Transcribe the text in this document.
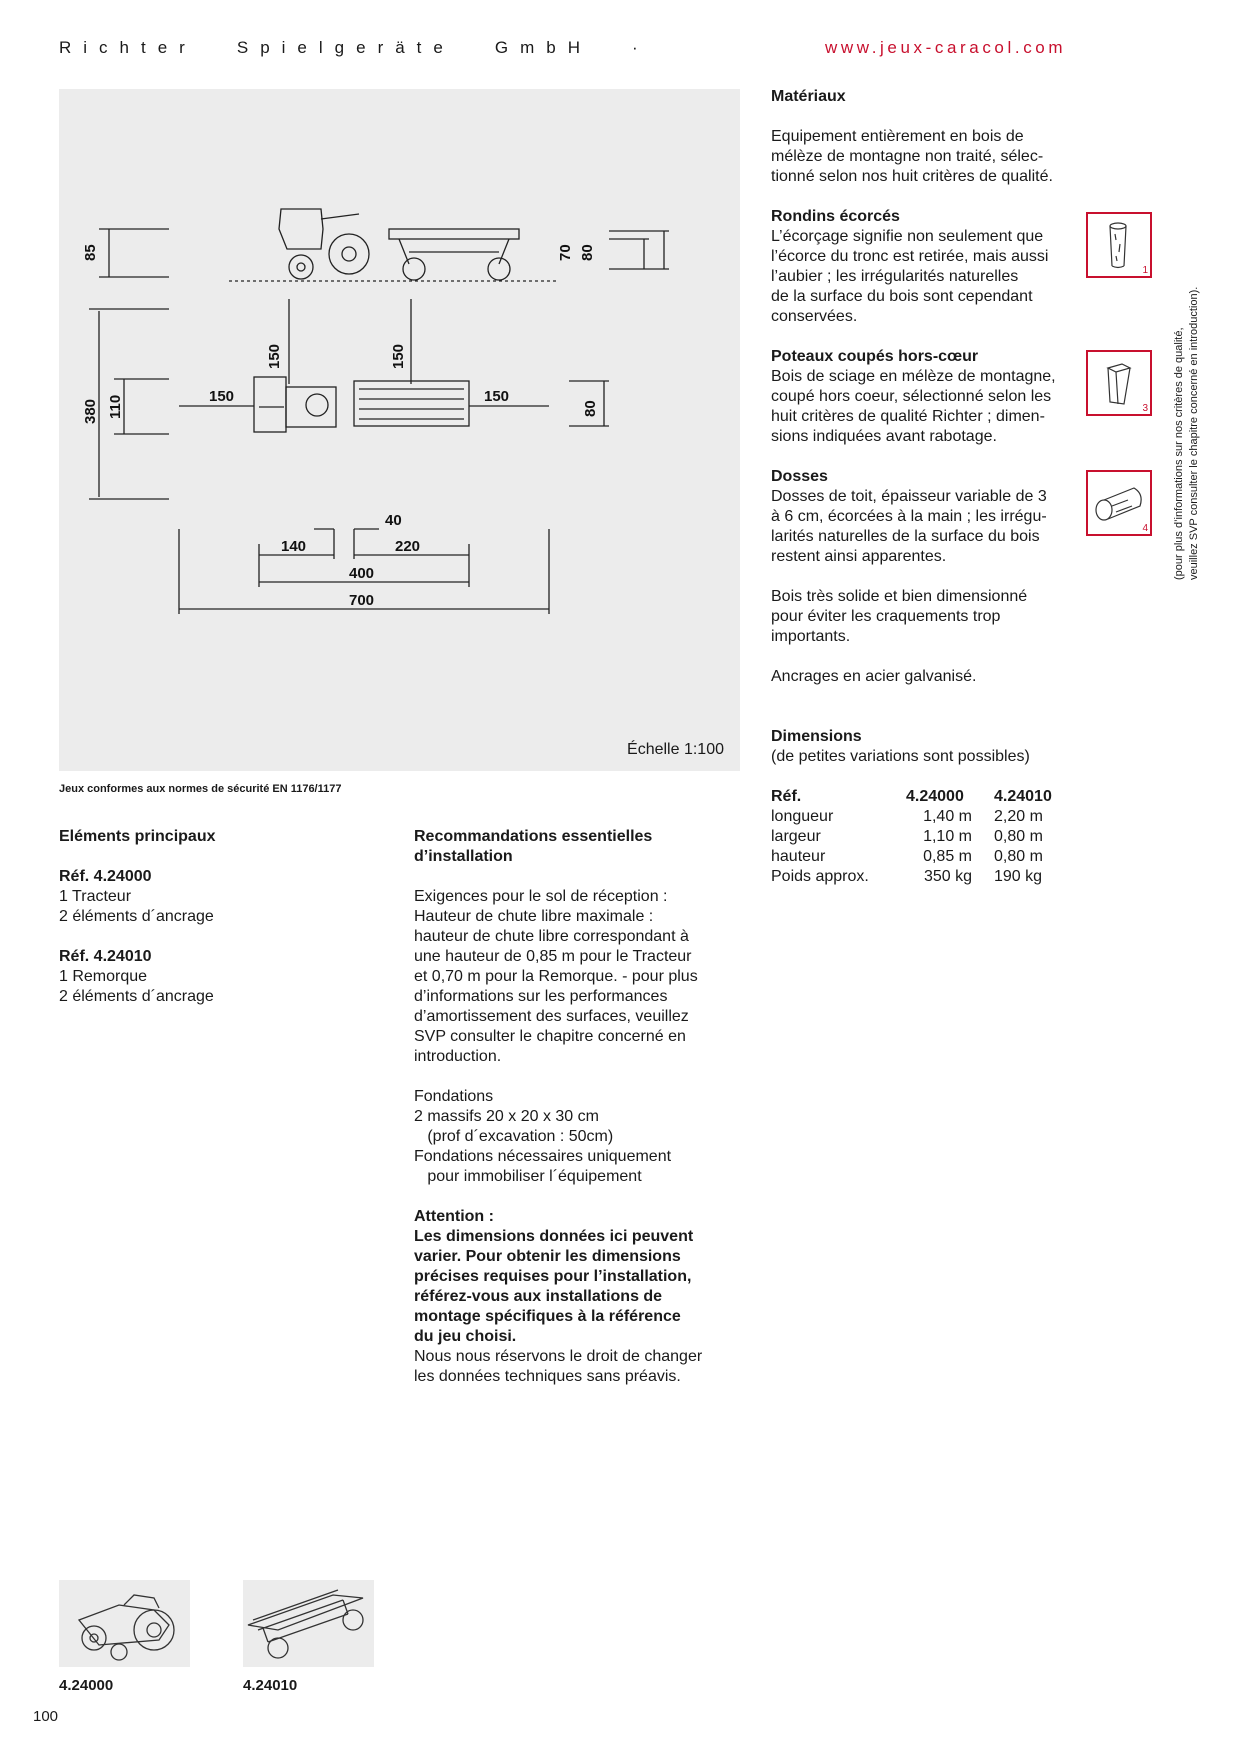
Richter Spielgeräte GmbH ·	www.jeux-caracol.com
85	70 80
150	150
380 110	150	150
80
40
140	220
400
700
Échelle 1:100
Jeux conformes aux normes de sécurité EN 1176/1177

Eléments principaux

Réf. 4.24000

1 Tracteur

2 éléments d´ancrage

Réf. 4.24010

1 Remorque

2 éléments d´ancrage

Recommandations essentielles

d’installation

Exigences pour le sol de réception :

Hauteur de chute libre maximale :

hauteur de chute libre correspondant à

une hauteur de 0,85 m pour le Tracteur

et 0,70 m pour la Remorque. - pour plus

d’informations sur les performances

d’amortissement des surfaces, veuillez

SVP consulter le chapitre concerné en

introduction.

Fondations

2 massifs 20 x 20 x 30 cm

(prof d´excavation : 50cm)

Fondations nécessaires uniquement

pour immobiliser l´équipement

Attention :

Les dimensions données ici peuvent

varier. Pour obtenir les dimensions

précises requises pour l’installation,

référez-vous aux installations de

montage spécifiques à la référence

du jeu choisi.

Nous nous réservons le droit de changer

les données techniques sans préavis.

Matériaux

Equipement entièrement en bois de

mélèze de montagne non traité, sélec-

tionné selon nos huit critères de qualité.

Rondins écorcés

L’écorçage signifie non seulement que

l’écorce du tronc est retirée, mais aussi

l’aubier ; les irrégularités naturelles

de la surface du bois sont cependant

conservées.

Poteaux coupés hors-cœur

Bois de sciage en mélèze de montagne,

coupé hors coeur, sélectionné selon les

huit critères de qualité Richter ; dimen-

sions indiquées avant rabotage.

Dosses

Dosses de toit, épaisseur variable de 3

à 6 cm, écorcées à la main ; les irrégu-

larités naturelles de la surface du bois

restent ainsi apparentes.

Bois très solide et bien dimensionné

pour éviter les craquements trop

importants.

Ancrages en acier galvanisé.

1
3
4 (pour plus d’informations sur nos critères de qualité, veuillez SVP consulter le chapitre concerné en introduction).

Dimensions

(de petites variations sont possibles)

Réf.	4.24000	4.24010
longueur	1,40 m	2,20 m
largeur	1,10 m	0,80 m
hauteur	0,85 m	0,80 m
Poids approx.	350 kg	190 kg
4.24000	4.24010
100
